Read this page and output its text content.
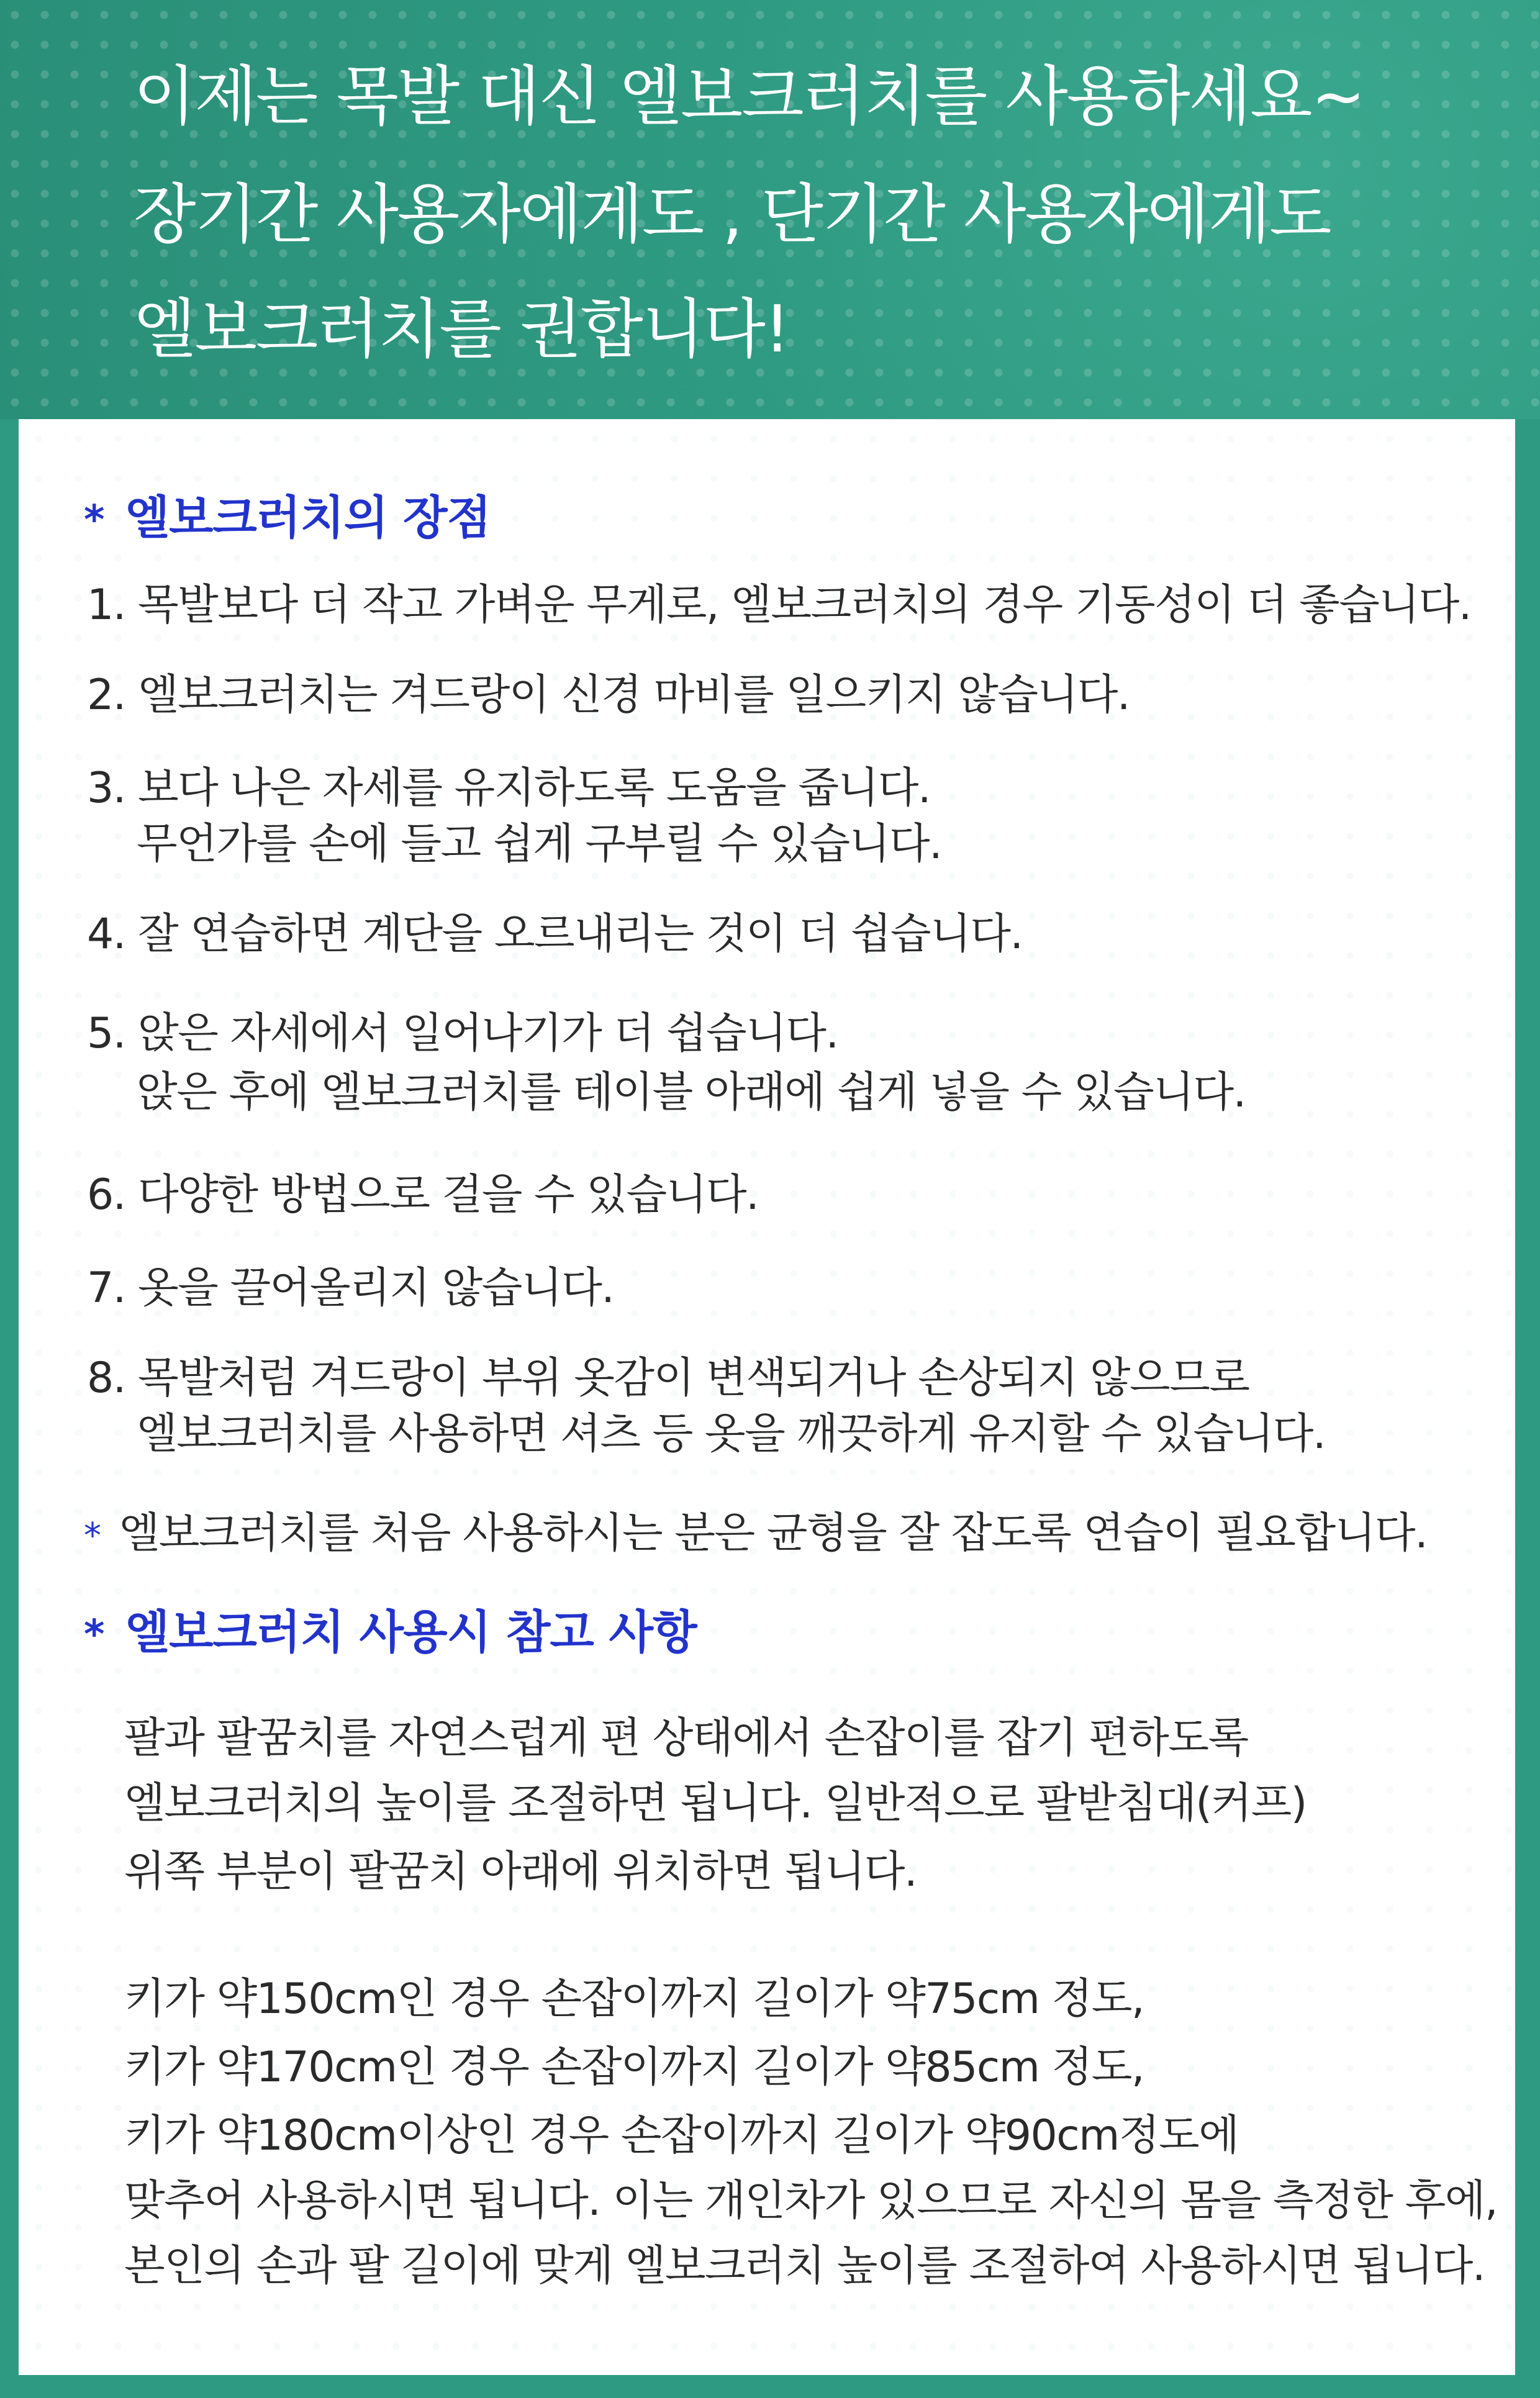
이제는 목발 대신 엘보크러치를 사용하세요~
장기간 사용자에게도 , 단기간 사용자에게도
엘보크러치를 권합니다!
* 엘보크러치의 장점
1. 목발보다 더 작고 가벼운 무게로, 엘보크러치의 경우 기동성이 더 좋습니다.
2. 엘보크러치는 겨드랑이 신경 마비를 일으키지 않습니다.
3. 보다 나은 자세를 유지하도록 도움을 줍니다.
무언가를 손에 들고 쉽게 구부릴 수 있습니다.
4. 잘 연습하면 계단을 오르내리는 것이 더 쉽습니다.
5. 앉은 자세에서 일어나기가 더 쉽습니다.
앉은 후에 엘보크러치를 테이블 아래에 쉽게 넣을 수 있습니다.
6. 다양한 방법으로 걸을 수 있습니다.
7. 옷을 끌어올리지 않습니다.
8. 목발처럼 겨드랑이 부위 옷감이 변색되거나 손상되지 않으므로
엘보크러치를 사용하면 셔츠 등 옷을 깨끗하게 유지할 수 있습니다.
* 엘보크러치를 처음 사용하시는 분은 균형을 잘 잡도록 연습이 필요합니다.
* 엘보크러치 사용시 참고 사항
팔과 팔꿈치를 자연스럽게 편 상태에서 손잡이를 잡기 편하도록
엘보크러치의 높이를 조절하면 됩니다. 일반적으로 팔받침대(커프)
위쪽 부분이 팔꿈치 아래에 위치하면 됩니다.
키가 약150cm인 경우 손잡이까지 길이가 약75cm 정도,
키가 약170cm인 경우 손잡이까지 길이가 약85cm 정도,
키가 약180cm이상인 경우 손잡이까지 길이가 약90cm정도에
맞추어 사용하시면 됩니다. 이는 개인차가 있으므로 자신의 몸을 측정한 후에,
본인의 손과 팔 길이에 맞게 엘보크러치 높이를 조절하여 사용하시면 됩니다.
